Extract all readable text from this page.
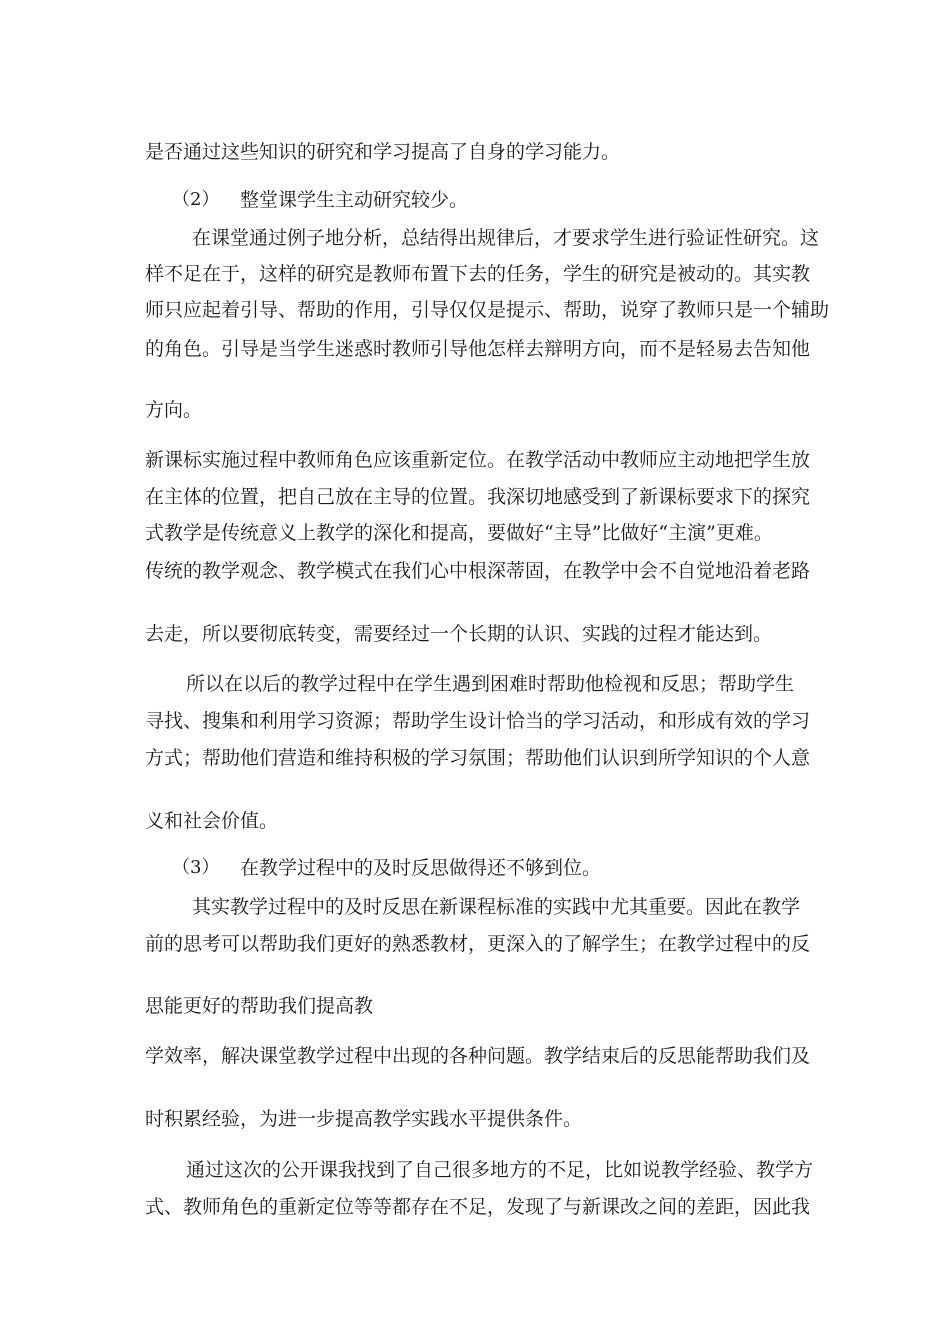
是否通过这些知识的研究和学习提高了自身的学习能力。
（2） 整堂课学生主动研究较少。
在课堂通过例子地分析，总结得出规律后，才要求学生进行验证性研究。这
样不足在于，这样的研究是教师布置下去的任务，学生的研究是被动的。其实教
师只应起着引导、帮助的作用，引导仅仅是提示、帮助，说穿了教师只是一个辅助
的角色。引导是当学生迷惑时教师引导他怎样去辩明方向，而不是轻易去告知他
方向。
新课标实施过程中教师角色应该重新定位。在教学活动中教师应主动地把学生放
在主体的位置，把自己放在主导的位置。我深切地感受到了新课标要求下的探究
式教学是传统意义上教学的深化和提高，要做好“主导”比做好“主演”更难。
传统的教学观念、教学模式在我们心中根深蒂固，在教学中会不自觉地沿着老路
去走，所以要彻底转变，需要经过一个长期的认识、实践的过程才能达到。
所以在以后的教学过程中在学生遇到困难时帮助他检视和反思；帮助学生
寻找、搜集和利用学习资源；帮助学生设计恰当的学习活动，和形成有效的学习
方式；帮助他们营造和维持积极的学习氛围；帮助他们认识到所学知识的个人意
义和社会价值。
（3） 在教学过程中的及时反思做得还不够到位。
其实教学过程中的及时反思在新课程标准的实践中尤其重要。因此在教学
前的思考可以帮助我们更好的熟悉教材，更深入的了解学生；在教学过程中的反
思能更好的帮助我们提高教
学效率，解决课堂教学过程中出现的各种问题。教学结束后的反思能帮助我们及
时积累经验，为进一步提高教学实践水平提供条件。
通过这次的公开课我找到了自己很多地方的不足，比如说教学经验、教学方
式、教师角色的重新定位等等都存在不足，发现了与新课改之间的差距，因此我
